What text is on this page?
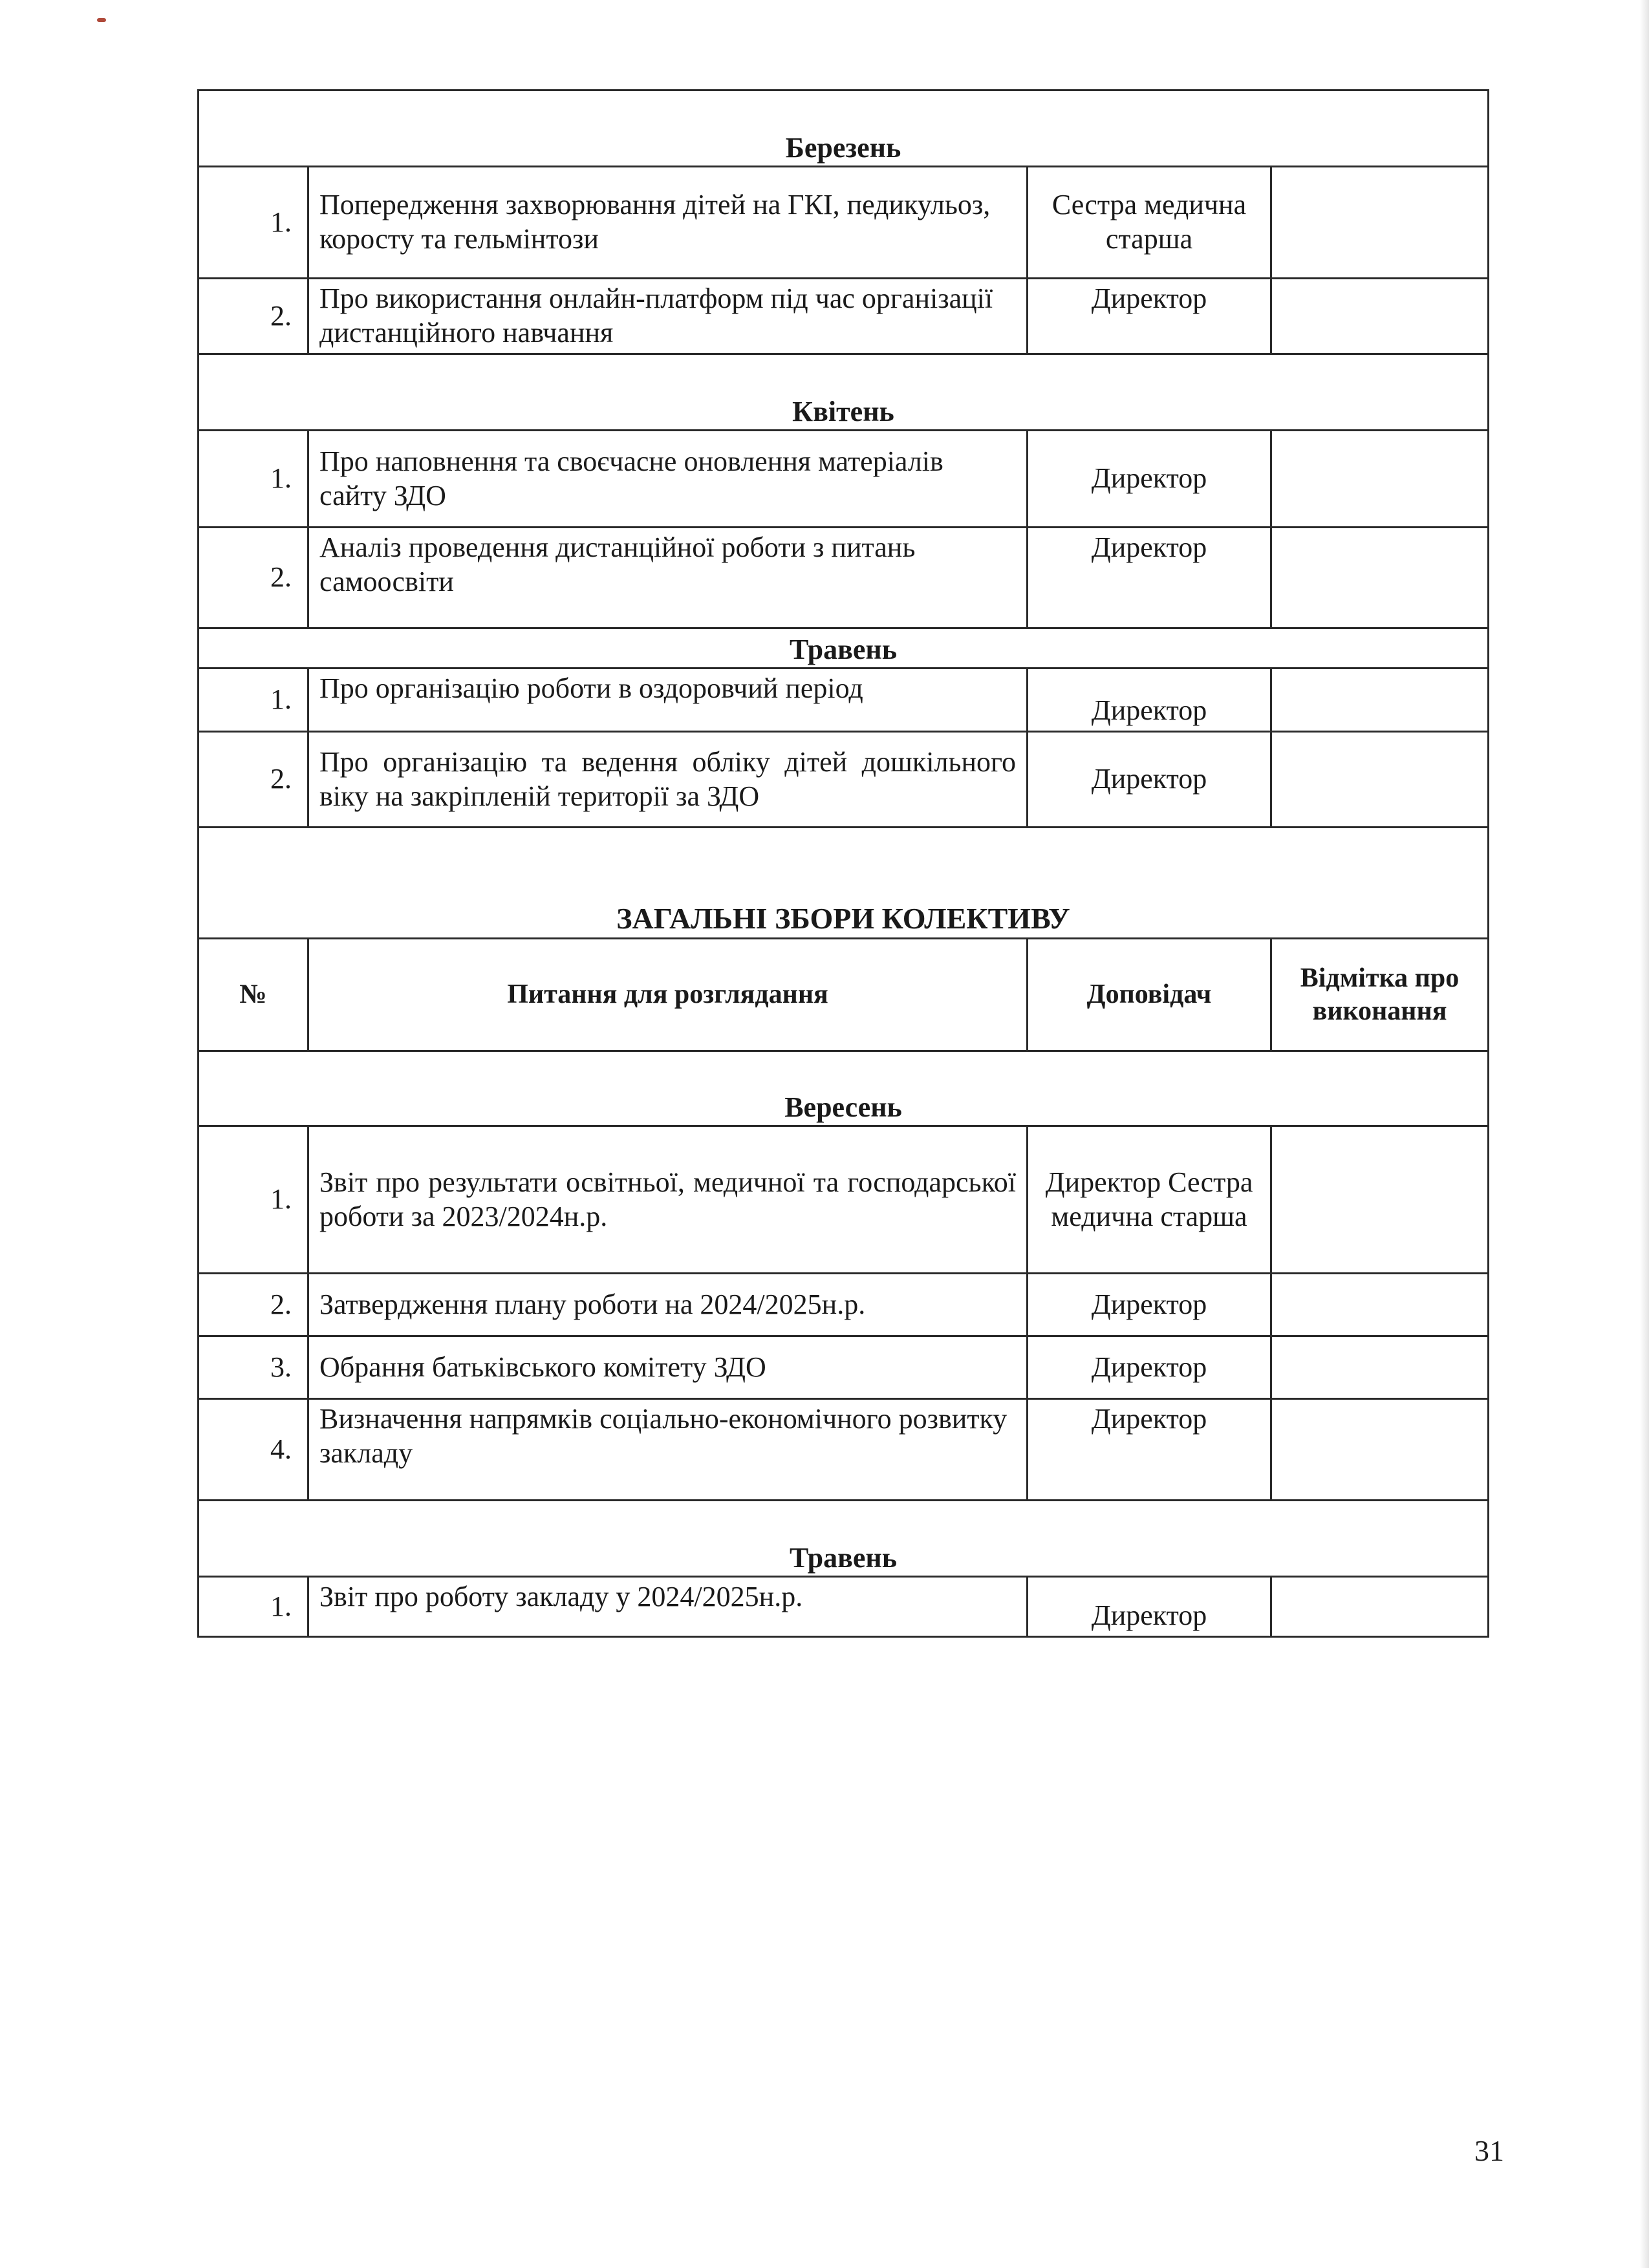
Березень			
1.	Попередження захворювання дітей на ГКІ, педикульоз, коросту та гельмінтози	Сестра медична старша	
2.	Про використання онлайн-платформ під час організації дистанційного навчання	Директор	
Квітень			
1.	Про наповнення та своєчасне оновлення матеріалів сайту ЗДО	Директор	
2.	Аналіз проведення дистанційної роботи з питань самоосвіти	Директор	
Травень			
1.	Про організацію роботи в оздоровчий період	Директор	
2.	Про організацію та ведення обліку дітей дошкільного віку на закріпленій території за ЗДО	Директор	
ЗАГАЛЬНІ ЗБОРИ КОЛЕКТИВУ			
№	Питання для розглядання	Доповідач	Відмітка про виконання
Вересень			
1.	Звіт про результати освітньої, медичної та господарської роботи за 2023/2024н.р.	Директор Сестра медична старша	
2.	Затвердження плану роботи на 2024/2025н.р.	Директор	
3.	Обрання батьківського комітету ЗДО	Директор	
4.	Визначення напрямків соціально-економічного розвитку закладу	Директор	
Травень			
1.	Звіт про роботу закладу у 2024/2025н.р.	Директор	
31
